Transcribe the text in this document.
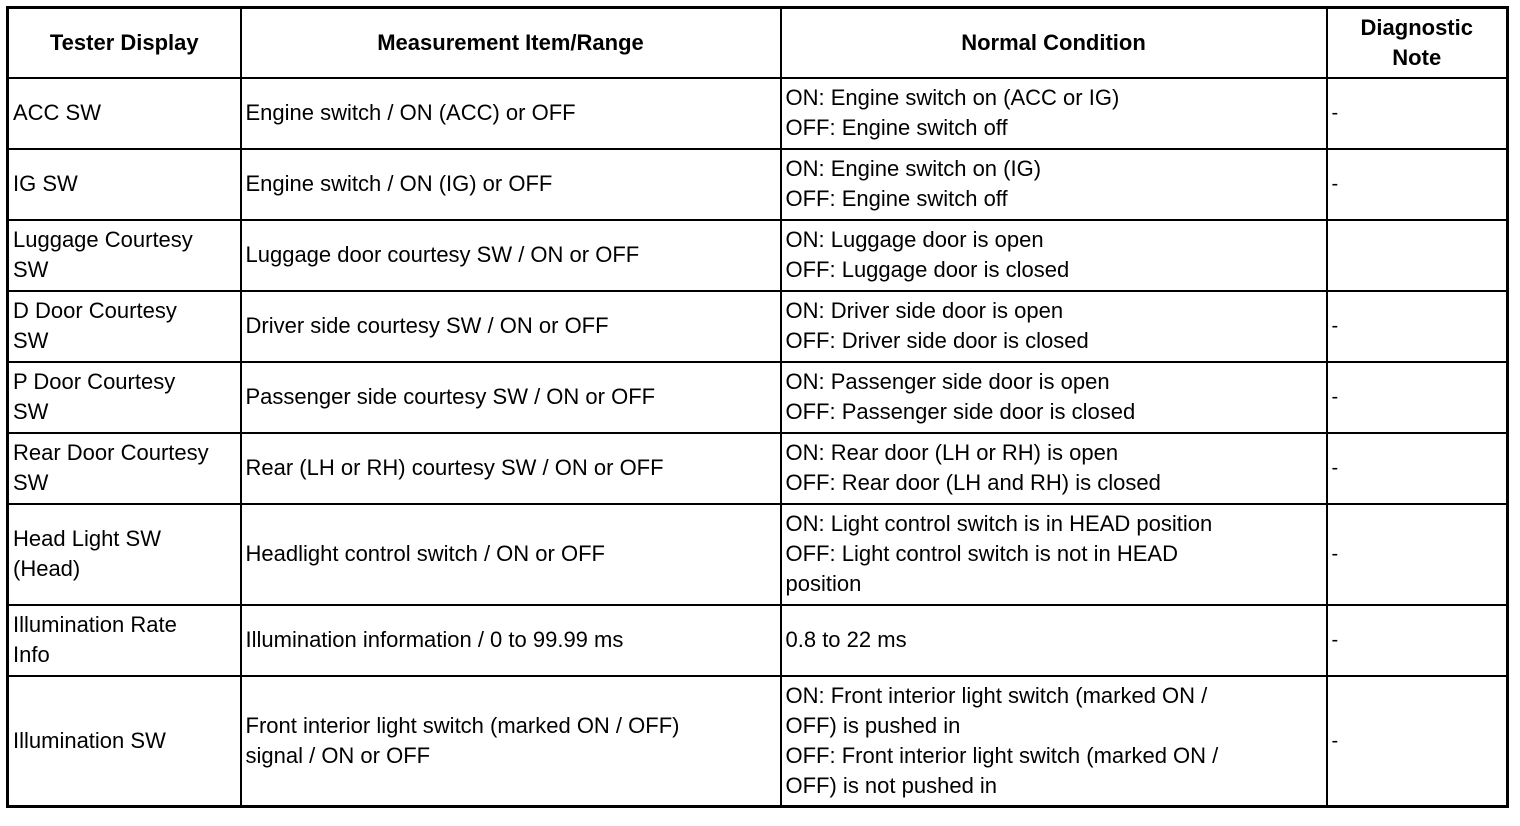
Tester Display	Measurement Item/Range	Normal Condition	Diagnostic
Note

ACC SW	Engine switch / ON (ACC) or OFF	ON: Engine switch on (ACC or IG)
OFF: Engine switch off	-

IG SW	Engine switch / ON (IG) or OFF	ON: Engine switch on (IG)
OFF: Engine switch off	-

Luggage Courtesy
SW	Luggage door courtesy SW / ON or OFF	ON: Luggage door is open
OFF: Luggage door is closed	

D Door Courtesy
SW	Driver side courtesy SW / ON or OFF	ON: Driver side door is open
OFF: Driver side door is closed	-

P Door Courtesy
SW	Passenger side courtesy SW / ON or OFF	ON: Passenger side door is open
OFF: Passenger side door is closed	-

Rear Door Courtesy
SW	Rear (LH or RH) courtesy SW / ON or OFF	ON: Rear door (LH or RH) is open
OFF: Rear door (LH and RH) is closed	-

Head Light SW
(Head)	Headlight control switch / ON or OFF	ON: Light control switch is in HEAD position
OFF: Light control switch is not in HEAD
position	-

Illumination Rate
Info	Illumination information / 0 to 99.99 ms	0.8 to 22 ms	-

Illumination SW	Front interior light switch (marked ON / OFF)
signal / ON or OFF	ON: Front interior light switch (marked ON /
OFF) is pushed in
OFF: Front interior light switch (marked ON /
OFF) is not pushed in	-
